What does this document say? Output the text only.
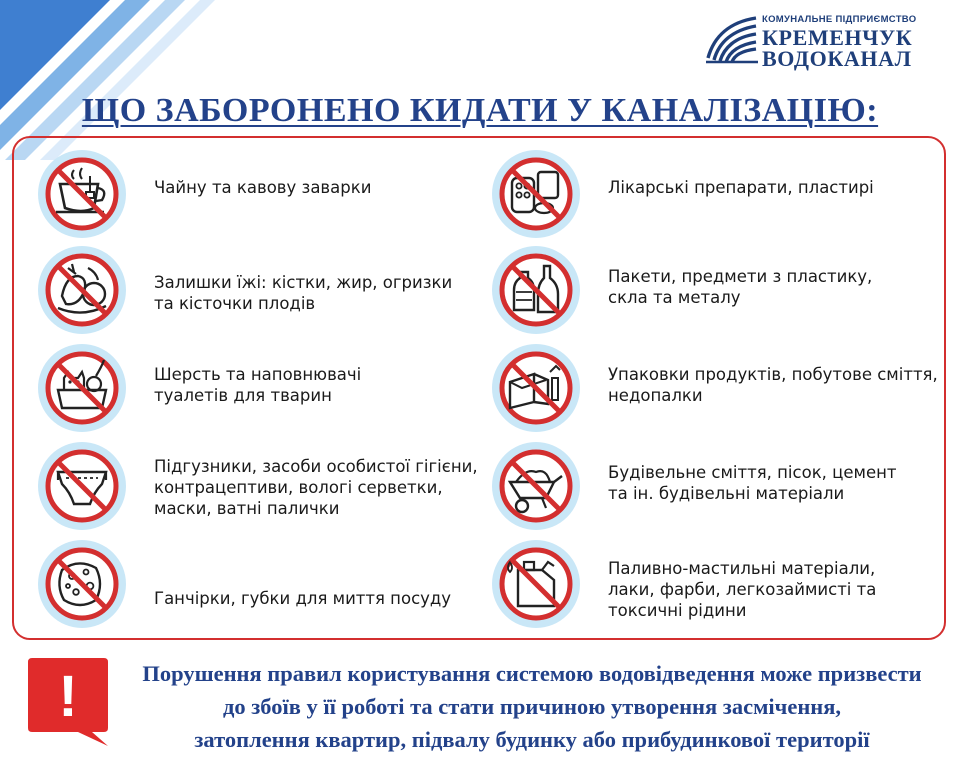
КОМУНАЛЬНЕ ПІДПРИЄМСТВО
КРЕМЕНЧУК
ВОДОКАНАЛ
ЩО ЗАБОРОНЕНО КИДАТИ У КАНАЛІЗАЦІЮ:
Чайну та кавову заварки
Залишки їжі: кістки, жир, огризки
та кісточки плодів
Шерсть та наповнювачі
туалетів для тварин
Підгузники, засоби особистої гігієни,
контрацептиви, вологі серветки,
маски, ватні палички
Ганчірки, губки для миття посуду
Лікарські препарати, пластирі
Пакети, предмети з пластику,
скла та металу
Упаковки продуктів, побутове сміття,
недопалки
Будівельне сміття, пісок, цемент
та ін. будівельні матеріали
Паливно-мастильні матеріали,
лаки, фарби, легкозаймисті та
токсичні рідини
!	Порушення правил користування системою водовідведення може призвести
до збоїв у її роботі та стати причиною утворення засмічення,
затоплення квартир, підвалу будинку або прибудинкової території
